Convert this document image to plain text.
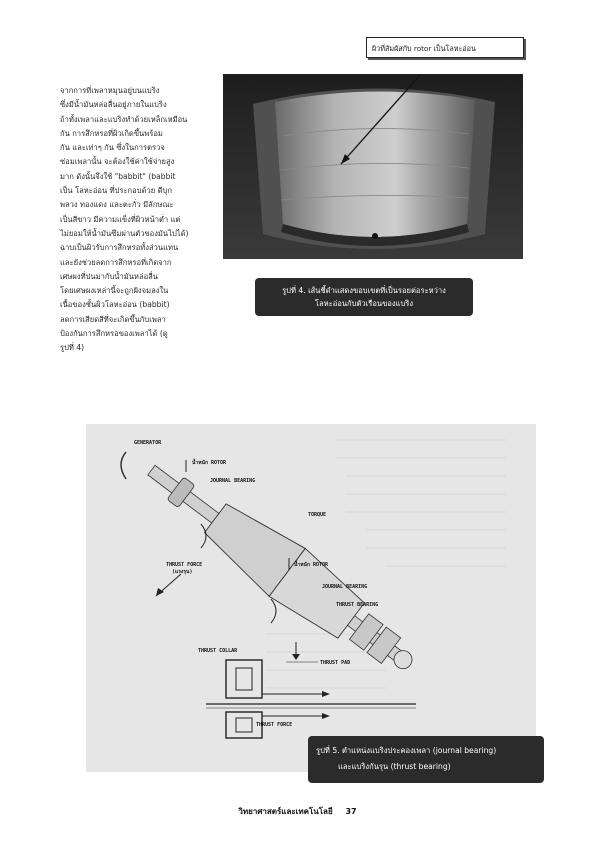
จากการที่เพลาหมุนอยู่บนแบริง

ซึ่งมีน้ำมันหล่อลื่นอยู่ภายในแบริง

ถ้าทั้งเพลาและแบริงทำด้วยเหล็กเหมือน

กัน การสึกหรอที่ผิวเกิดขึ้นพร้อม

กัน และเท่าๆ กัน ซึ่งในการตรวจ

ซ่อมเพลานั้น จะต้องใช้ค่าใช้จ่ายสูง

มาก ดังนั้นจึงใช้ "babbit" (babbit

เป็น โลหะอ่อน ที่ประกอบด้วย ดีบุก

พลวง ทองแดง และตะกั่ว มีลักษณะ

เป็นสีขาว มีความแข็งที่ผิวหน้าต่ำ แต่

ไม่ยอมให้น้ำมันซึมผ่านตัวของมันไปได้)

ฉาบเป็นผิวรับการสึกหรอทั้งส่วนแทน

และยังช่วยลดการสึกหรอที่เกิดจาก

เศษผงที่ปนมากับน้ำมันหล่อลื่น

โดยเศษผงเหล่านี้จะถูกฝังจมลงใน

เนื้อของชั้นผิวโลหะอ่อน (babbit)

ลดการเสียดสีที่จะเกิดขึ้นกับเพลา

ป้องกันการสึกหรอของเพลาได้ (ดู

รูปที่ 4)

ผิวที่สัมผัสกับ rotor เป็นโลหะอ่อน
รูปที่ 4. เส้นชี้ดำแสดงขอบเขตที่เป็นรอยต่อระหว่าง
โลหะอ่อนกับตัวเรือนของแบริง
GENERATOR
น้ำหนัก ROTOR
JOURNAL BEARING
TORQUE
THRUST FORCE
(แรงรุน)
น้ำหนัก ROTOR
JOURNAL BEARING
THRUST BEARING
THRUST COLLAR
THRUST PAD
THRUST FORCE
รูปที่ 5. ตำแหน่งแบริงประคองเพลา (journal bearing)
และแบริงกันรุน (thrust bearing)
วิทยาศาสตร์และเทคโนโลยี 37
